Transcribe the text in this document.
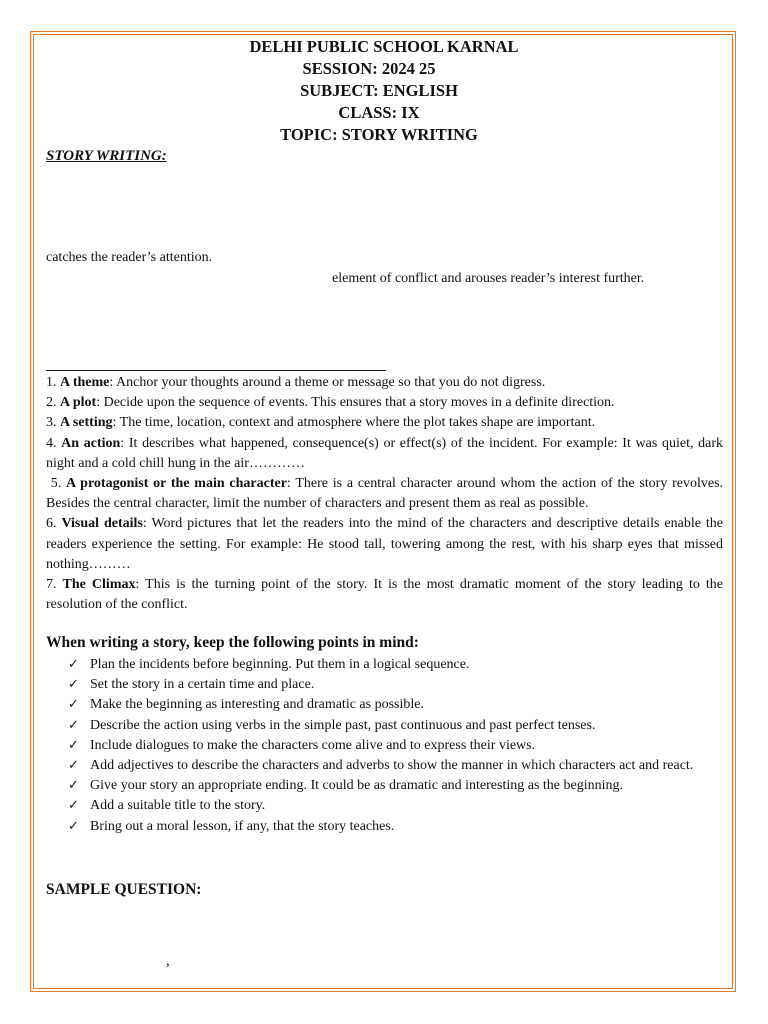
DELHI PUBLIC SCHOOL KARNAL
SESSION: 2024 25
SUBJECT: ENGLISH
CLASS: IX
TOPIC: STORY WRITING
STORY WRITING:
catches the reader’s attention.
element of conflict and arouses reader’s interest further.

1. A theme: Anchor your thoughts around a theme or message so that you do not digress.

2. A plot: Decide upon the sequence of events. This ensures that a story moves in a definite direction.

3. A setting: The time, location, context and atmosphere where the plot takes shape are important.

4. An action: It describes what happened, consequence(s) or effect(s) of the incident. For example: It was quiet, dark night and a cold chill hung in the air…………

5. A protagonist or the main character: There is a central character around whom the action of the story revolves. Besides the central character, limit the number of characters and present them as real as possible.

6. Visual details: Word pictures that let the readers into the mind of the characters and descriptive details enable the readers experience the setting. For example: He stood tall, towering among the rest, with his sharp eyes that missed nothing………

7. The Climax: This is the turning point of the story. It is the most dramatic moment of the story leading to the resolution of the conflict.

When writing a story, keep the following points in mind:
✓ Plan the incidents before beginning. Put them in a logical sequence.
✓ Set the story in a certain time and place.
✓ Make the beginning as interesting and dramatic as possible.
✓ Describe the action using verbs in the simple past, past continuous and past perfect tenses.
✓ Include dialogues to make the characters come alive and to express their views.
✓ Add adjectives to describe the characters and adverbs to show the manner in which characters act and react.
✓ Give your story an appropriate ending. It could be as dramatic and interesting as the beginning.
✓ Add a suitable title to the story.
✓ Bring out a moral lesson, if any, that the story teaches.
SAMPLE QUESTION:
,
